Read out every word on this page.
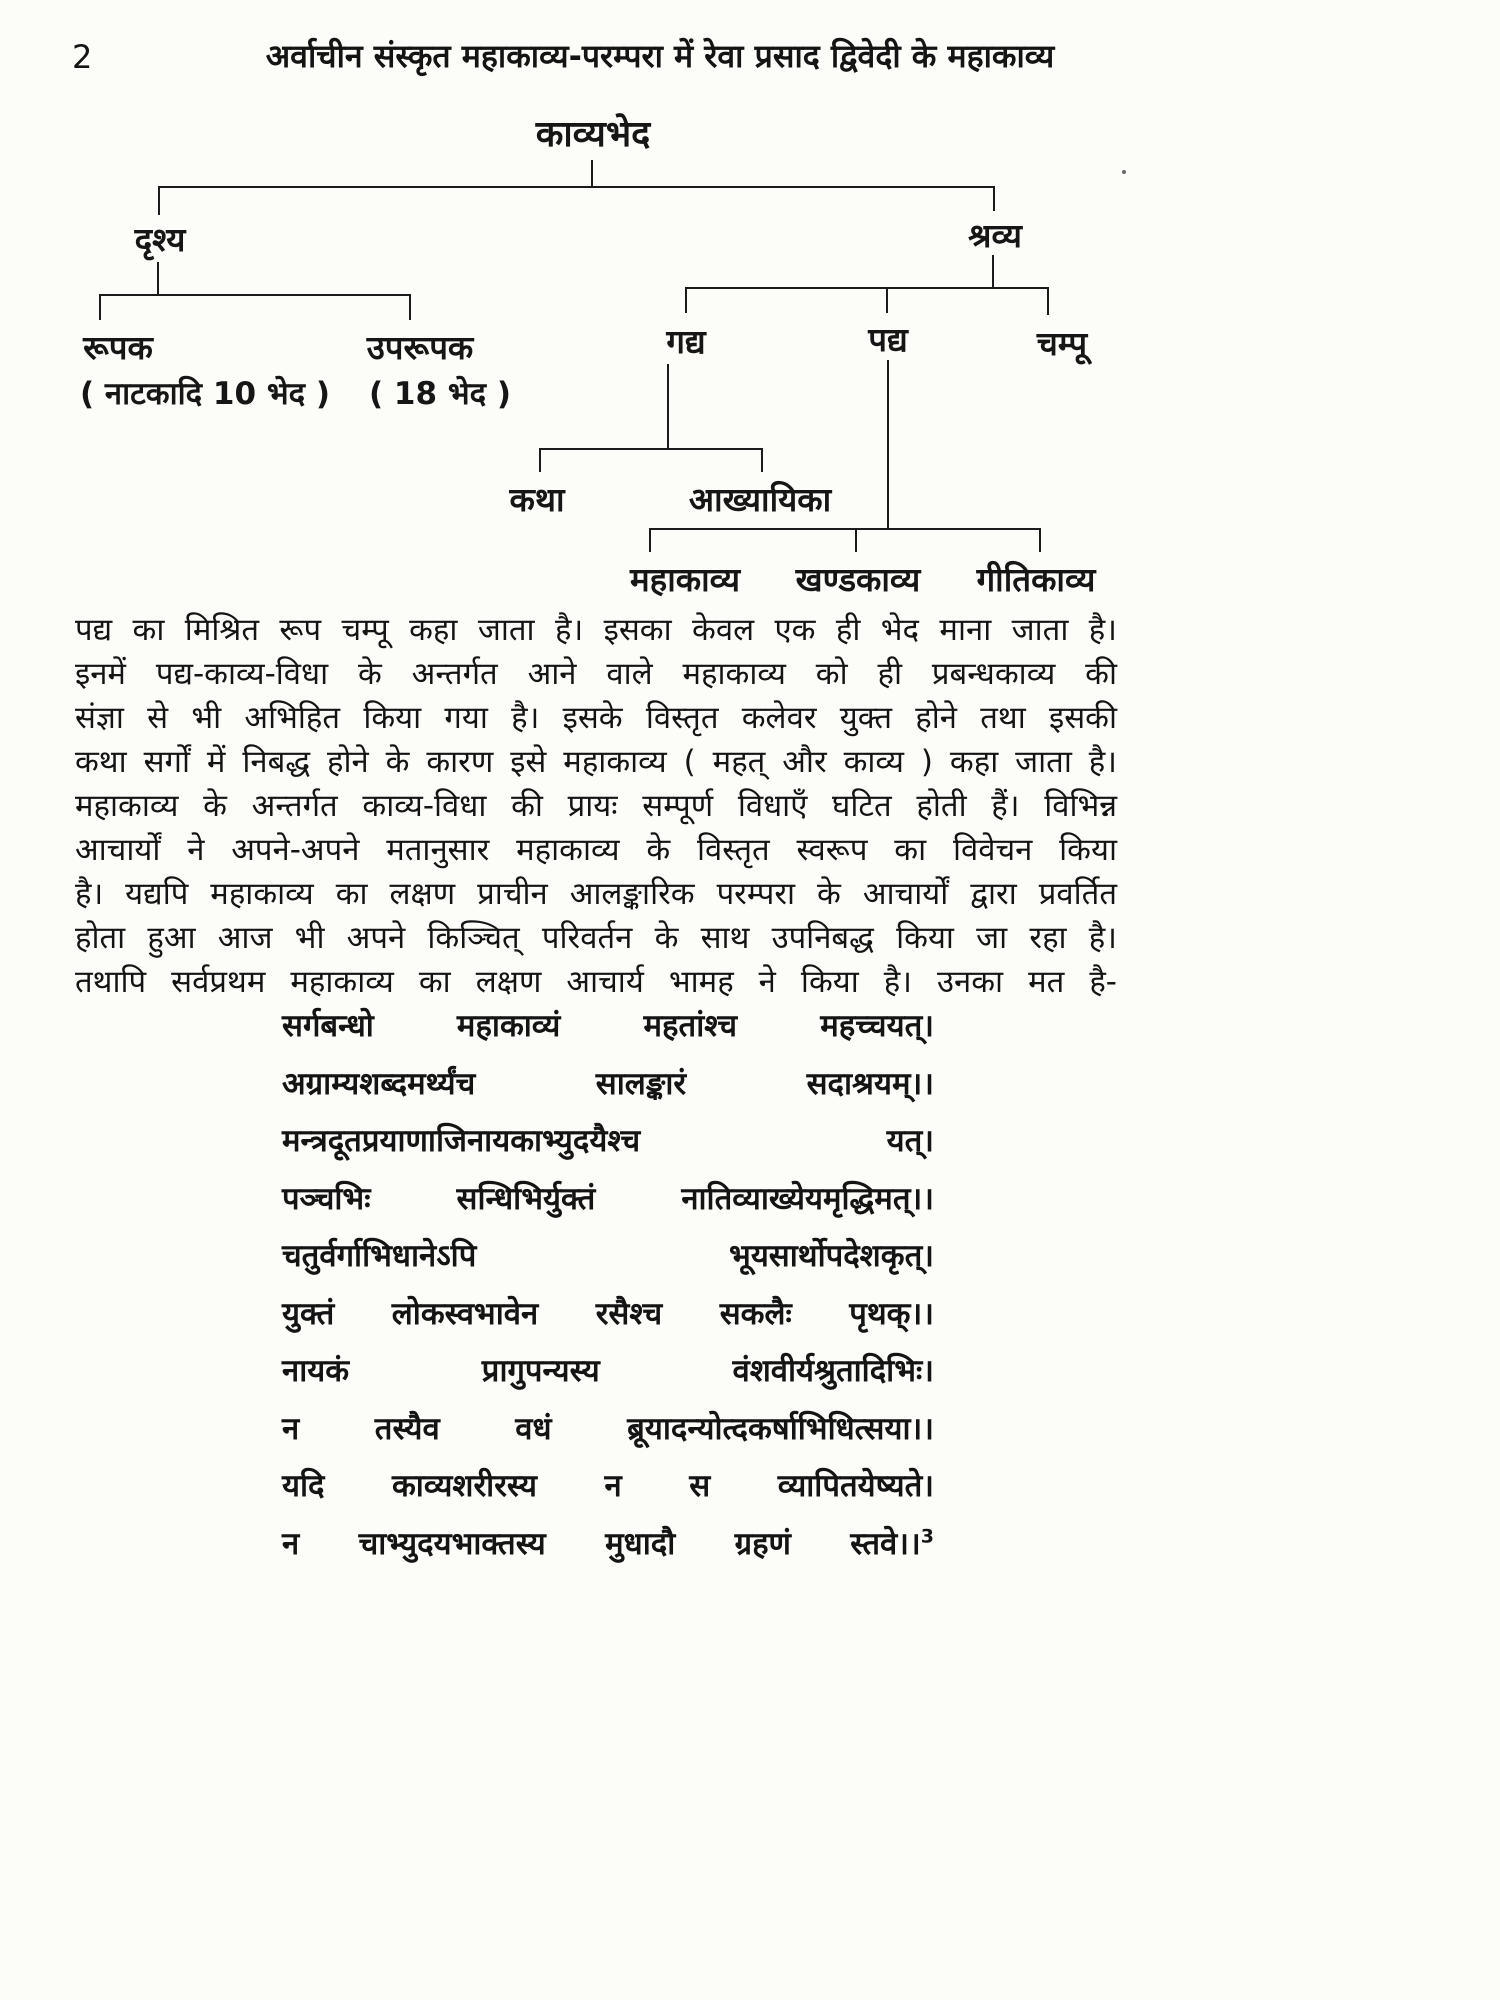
2	अर्वाचीन संस्कृत महाकाव्य-परम्परा में रेवा प्रसाद द्विवेदी के महाकाव्य
काव्यभेद
दृश्य	श्रव्य
रूपक	उपरूपक
( नाटकादि 10 भेद ) ( 18 भेद )
गद्य	पद्य	चम्पू
कथा	आख्यायिका
महाकाव्य खण्डकाव्य गीतिकाव्य
पद्य का मिश्रित रूप चम्पू कहा जाता है। इसका केवल एक ही भेद माना जाता है।
इनमें पद्य-काव्य-विधा के अन्तर्गत आने वाले महाकाव्य को ही प्रबन्धकाव्य की
संज्ञा से भी अभिहित किया गया है। इसके विस्तृत कलेवर युक्त होने तथा इसकी
कथा सर्गों में निबद्ध होने के कारण इसे महाकाव्य ( महत् और काव्य ) कहा जाता है।
महाकाव्य के अन्तर्गत काव्य-विधा की प्रायः सम्पूर्ण विधाएँ घटित होती हैं। विभिन्न
आचार्यों ने अपने-अपने मतानुसार महाकाव्य के विस्तृत स्वरूप का विवेचन किया
है। यद्यपि महाकाव्य का लक्षण प्राचीन आलङ्कारिक परम्परा के आचार्यों द्वारा प्रवर्तित
होता हुआ आज भी अपने किञ्चित् परिवर्तन के साथ उपनिबद्ध किया जा रहा है।
तथापि सर्वप्रथम महाकाव्य का लक्षण आचार्य भामह ने किया है। उनका मत है-
सर्गबन्धो महाकाव्यं महतांश्च महच्चयत्।
अग्राम्यशब्दमर्थ्यंच सालङ्कारं सदाश्रयम्।।
मन्त्रदूतप्रयाणाजिनायकाभ्युदयैश्च यत्।
पञ्चभिः सन्धिभिर्युक्तं नातिव्याख्येयमृद्धिमत्।।
चतुर्वर्गाभिधानेऽपि भूयसार्थोपदेशकृत्।
युक्तं लोकस्वभावेन रसैश्च सकलैः पृथक्।।
नायकं प्रागुपन्यस्य वंशवीर्यश्रुतादिभिः।
न तस्यैव वधं ब्रूयादन्योत्दकर्षाभिधित्सया।।
यदि काव्यशरीरस्य न स व्यापितयेष्यते।
न चाभ्युदयभाक्तस्य मुधादौ ग्रहणं स्तवे।।$^3$
